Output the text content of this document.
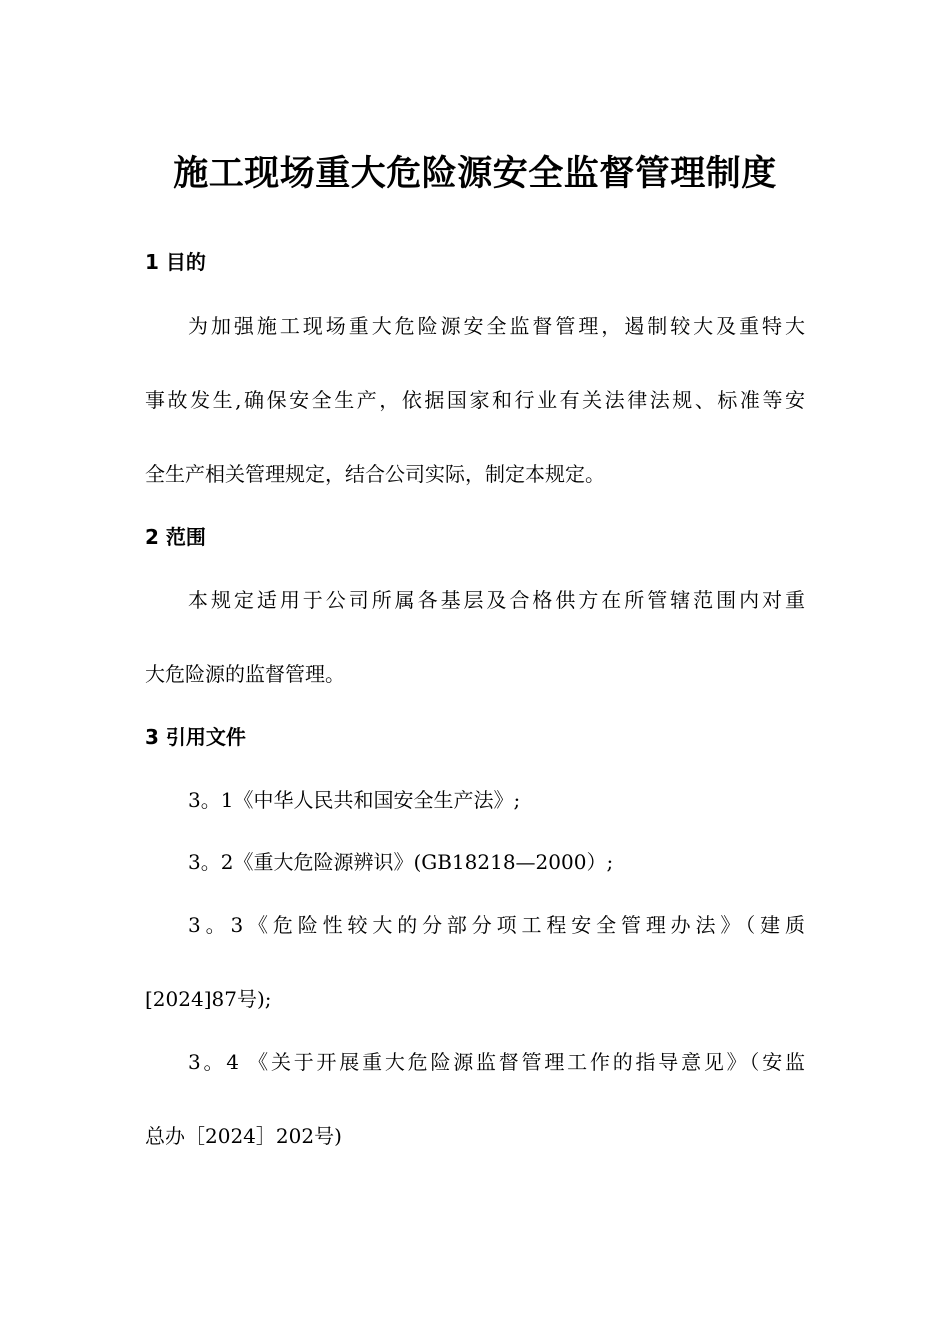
施工现场重大危险源安全监督管理制度
1 目的
为加强施工现场重大危险源安全监督管理，遏制较大及重特大
事故发生,确保安全生产，依据国家和行业有关法律法规、标准等安
全生产相关管理规定，结合公司实际，制定本规定。
2 范围
本规定适用于公司所属各基层及合格供方在所管辖范围内对重
大危险源的监督管理。
3 引用文件
3。1《中华人民共和国安全生产法》;
3。2《重大危险源辨识》(GB18218—2000）;
3。3《危险性较大的分部分项工程安全管理办法》（建质
[2024]87号);
3。4 《关于开展重大危险源监督管理工作的指导意见》（安监
总办［2024］202号)
